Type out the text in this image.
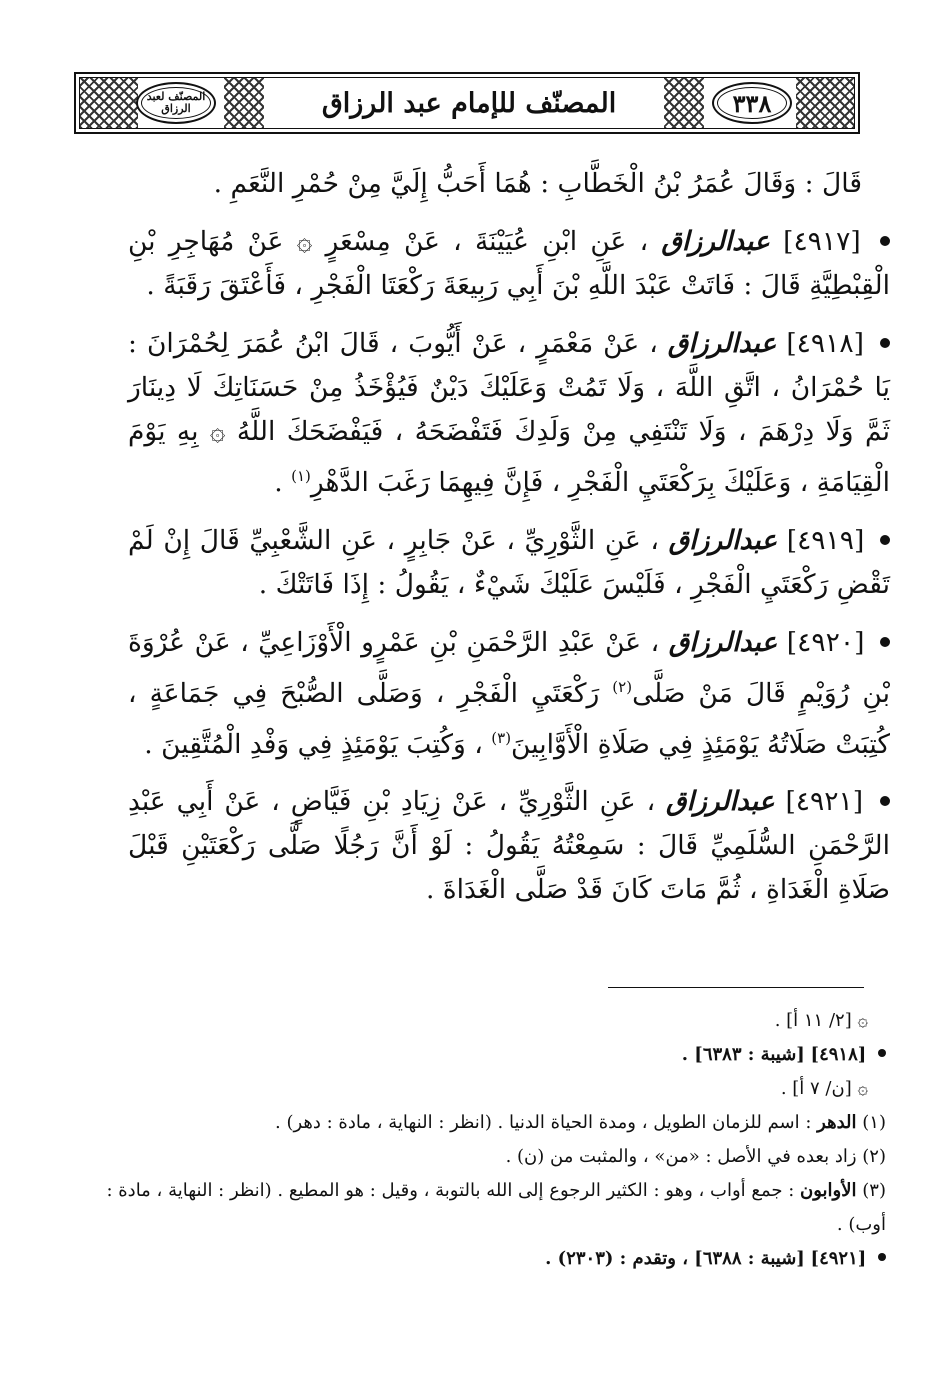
المصنّف لعبد الرزاق	المصنّف للإمام عبد الرزاق	٣٣٨

قَالَ : وَقَالَ عُمَرُ بْنُ الْخَطَّابِ : هُمَا أَحَبُّ إِلَيَّ مِنْ حُمْرِ النَّعَمِ .

[٤٩١٧] عبدالرزاق ، عَنِ ابْنِ عُيَيْنَةَ ، عَنْ مِسْعَرٍ ۞ عَنْ مُهَاجِرِ بْنِ الْقِبْطِيَّةِ قَالَ : فَاتَتْ عَبْدَ اللَّهِ بْنَ أَبِي رَبِيعَةَ رَكْعَتَا الْفَجْرِ ، فَأَعْتَقَ رَقَبَةً .

[٤٩١٨] عبدالرزاق ، عَنْ مَعْمَرٍ ، عَنْ أَيُّوبَ ، قَالَ ابْنُ عُمَرَ لِحُمْرَانَ : يَا حُمْرَانُ ، اتَّقِ اللَّهَ ، وَلَا تَمُتْ وَعَلَيْكَ دَيْنٌ فَيُؤْخَذُ مِنْ حَسَنَاتِكَ لَا دِينَارَ ثَمَّ وَلَا دِرْهَمَ ، وَلَا تَنْتَفِي مِنْ وَلَدِكَ فَتَفْضَحَهُ ، فَيَفْضَحَكَ اللَّهُ ۞ بِهِ يَوْمَ الْقِيَامَةِ ، وَعَلَيْكَ بِرَكْعَتَيِ الْفَجْرِ ، فَإِنَّ فِيهِمَا رَغَبَ الدَّهْرِ$^{(١)}$ .

[٤٩١٩] عبدالرزاق ، عَنِ الثَّوْرِيِّ ، عَنْ جَابِرٍ ، عَنِ الشَّعْبِيِّ قَالَ إِنْ لَمْ تَقْضِ رَكْعَتَيِ الْفَجْرِ ، فَلَيْسَ عَلَيْكَ شَيْءٌ ، يَقُولُ : إِذَا فَاتَتْكَ .

[٤٩٢٠] عبدالرزاق ، عَنْ عَبْدِ الرَّحْمَنِ بْنِ عَمْرٍو الْأَوْزَاعِيِّ ، عَنْ عُرْوَةَ بْنِ رُوَيْمٍ قَالَ مَنْ صَلَّى$^{(٢)}$ رَكْعَتَيِ الْفَجْرِ ، وَصَلَّى الصُّبْحَ فِي جَمَاعَةٍ ، كُتِبَتْ صَلَاتُهُ يَوْمَئِذٍ فِي صَلَاةِ الْأَوَّابِينَ$^{(٣)}$ ، وَكُتِبَ يَوْمَئِذٍ فِي وَفْدِ الْمُتَّقِينَ .

[٤٩٢١] عبدالرزاق ، عَنِ الثَّوْرِيِّ ، عَنْ زِيَادِ بْنِ فَيَّاضٍ ، عَنْ أَبِي عَبْدِ الرَّحْمَنِ السُّلَمِيِّ قَالَ : سَمِعْتُهُ يَقُولُ : لَوْ أَنَّ رَجُلًا صَلَّى رَكْعَتَيْنِ قَبْلَ صَلَاةِ الْغَدَاةِ ، ثُمَّ مَاتَ كَانَ قَدْ صَلَّى الْغَدَاةَ .

۞ [٢/ ١١ أ] .

[٤٩١٨] [شيبة : ٦٣٨٣] .

۞ [ن/ ٧ أ] .

(١) الدهر : اسم للزمان الطويل ، ومدة الحياة الدنيا . (انظر : النهاية ، مادة : دهر) .

(٢) زاد بعده في الأصل : «من» ، والمثبت من (ن) .

(٣) الأوابون : جمع أواب ، وهو : الكثير الرجوع إلى الله بالتوبة ، وقيل : هو المطيع . (انظر : النهاية ، مادة : أوب) .

[٤٩٢١] [شيبة : ٦٣٨٨] ، وتقدم : (٢٣٠٣) .
